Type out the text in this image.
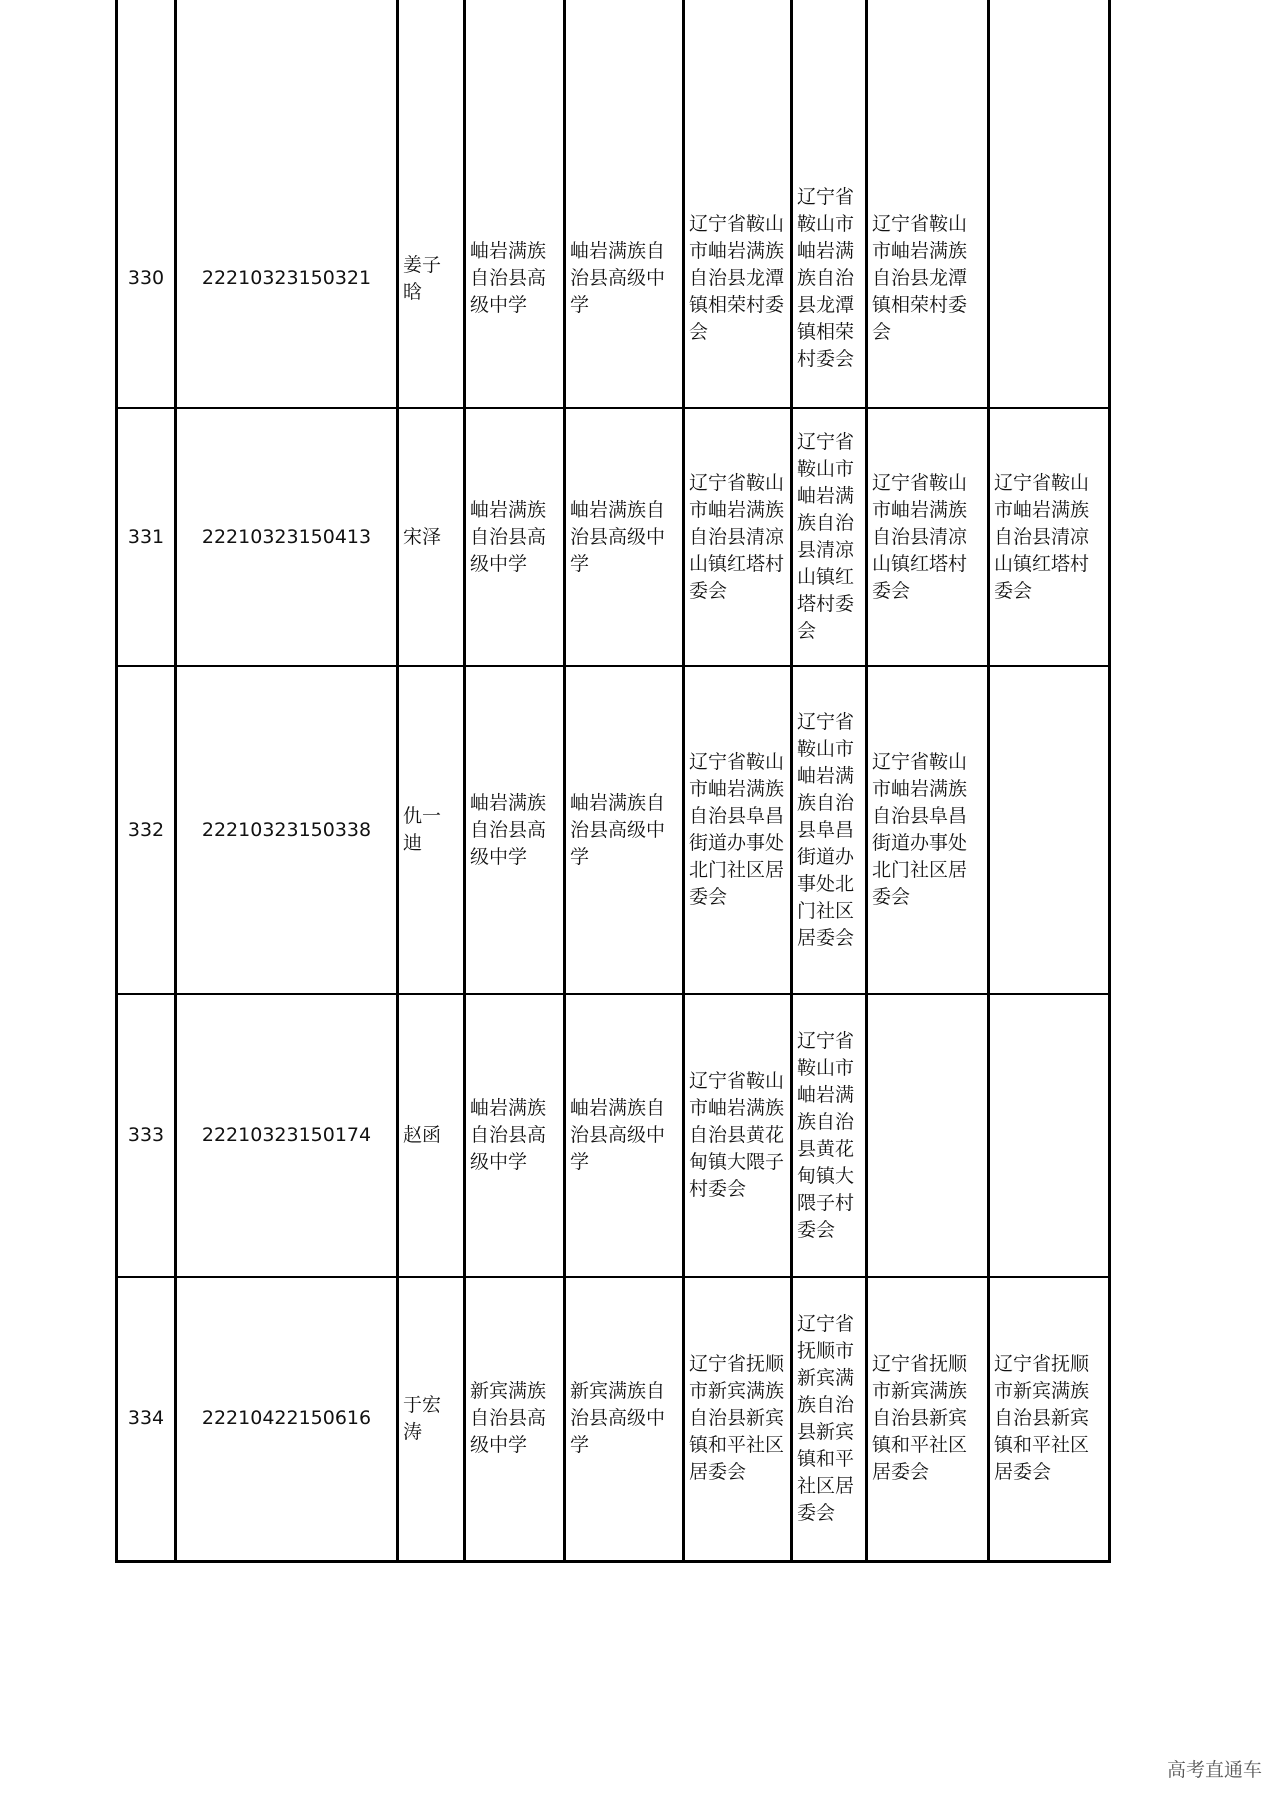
330	22210323150321	姜子晗	岫岩满族自治县高级中学	岫岩满族自治县高级中学	辽宁省鞍山市岫岩满族自治县龙潭镇相荣村委会	辽宁省鞍山市岫岩满族自治县龙潭镇相荣村委会	辽宁省鞍山市岫岩满族自治县龙潭镇相荣村委会	
331	22210323150413	宋泽	岫岩满族自治县高级中学	岫岩满族自治县高级中学	辽宁省鞍山市岫岩满族自治县清凉山镇红塔村委会	辽宁省鞍山市岫岩满族自治县清凉山镇红塔村委会	辽宁省鞍山市岫岩满族自治县清凉山镇红塔村委会	辽宁省鞍山市岫岩满族自治县清凉山镇红塔村委会
332	22210323150338	仇一迪	岫岩满族自治县高级中学	岫岩满族自治县高级中学	辽宁省鞍山市岫岩满族自治县阜昌街道办事处北门社区居委会	辽宁省鞍山市岫岩满族自治县阜昌街道办事处北门社区居委会	辽宁省鞍山市岫岩满族自治县阜昌街道办事处北门社区居委会	
333	22210323150174	赵函	岫岩满族自治县高级中学	岫岩满族自治县高级中学	辽宁省鞍山市岫岩满族自治县黄花甸镇大隈子村委会	辽宁省鞍山市岫岩满族自治县黄花甸镇大隈子村委会		
334	22210422150616	于宏涛	新宾满族自治县高级中学	新宾满族自治县高级中学	辽宁省抚顺市新宾满族自治县新宾镇和平社区居委会	辽宁省抚顺市新宾满族自治县新宾镇和平社区居委会	辽宁省抚顺市新宾满族自治县新宾镇和平社区居委会	辽宁省抚顺市新宾满族自治县新宾镇和平社区居委会
高考直通车
